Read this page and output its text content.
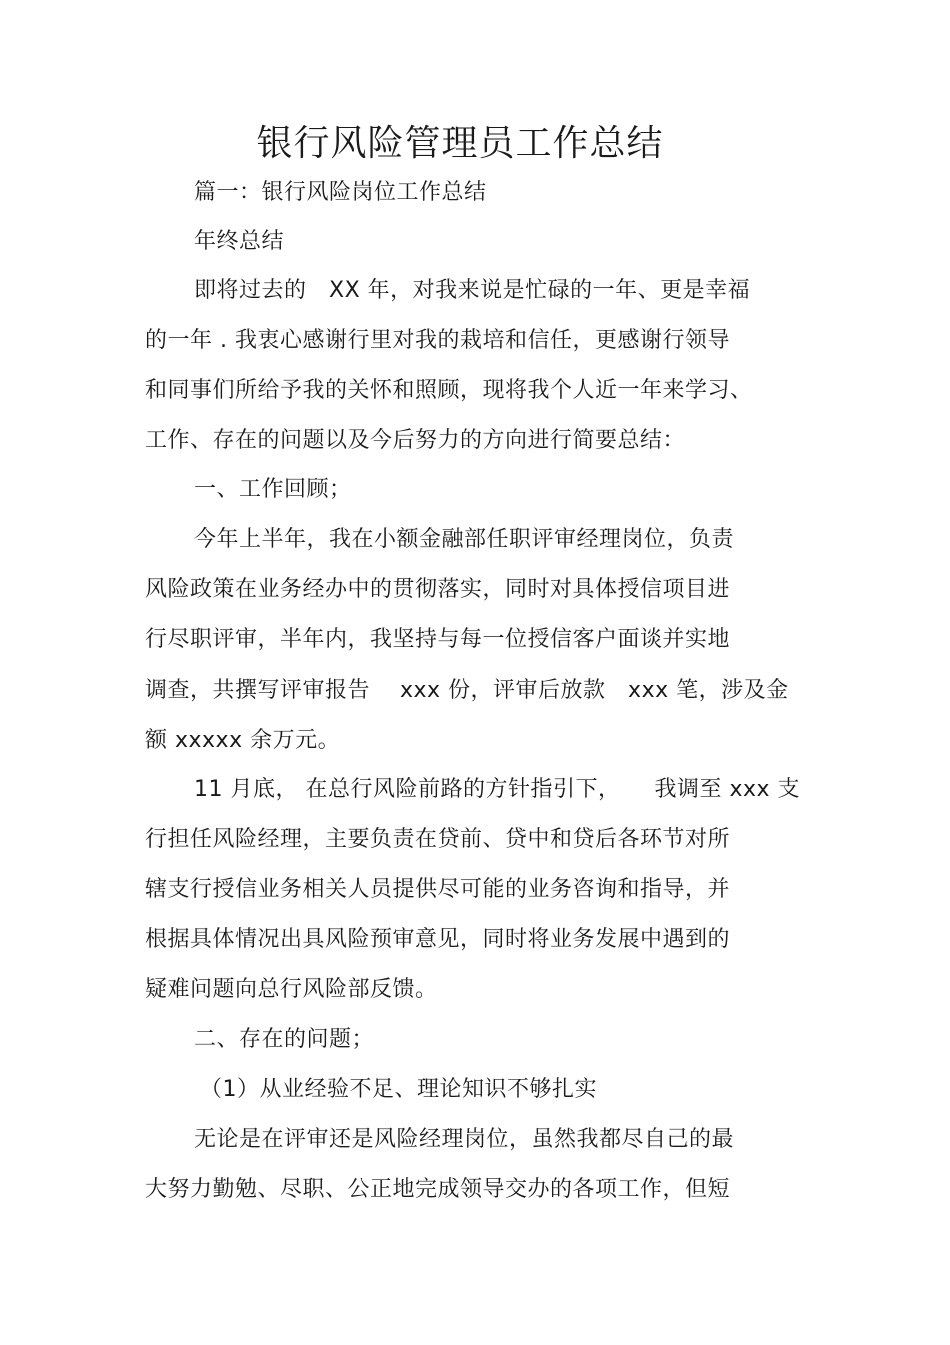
银行风险管理员工作总结
篇一：银行风险岗位工作总结
年终总结
即将过去的　XX 年，对我来说是忙碌的一年、更是幸福
的一年 . 我衷心感谢行里对我的栽培和信任，更感谢行领导
和同事们所给予我的关怀和照顾，现将我个人近一年来学习、
工作、存在的问题以及今后努力的方向进行简要总结：
一、工作回顾；
今年上半年，我在小额金融部任职评审经理岗位，负责
风险政策在业务经办中的贯彻落实，同时对具体授信项目进
行尽职评审，半年内，我坚持与每一位授信客户面谈并实地
调查，共撰写评审报告　 xxx 份，评审后放款　xxx 笔，涉及金
额 xxxxx 余万元。
11 月底， 在总行风险前路的方针指引下，　　我调至 xxx 支
行担任风险经理，主要负责在贷前、贷中和贷后各环节对所
辖支行授信业务相关人员提供尽可能的业务咨询和指导，并
根据具体情况出具风险预审意见，同时将业务发展中遇到的
疑难问题向总行风险部反馈。
二、存在的问题；
（1）从业经验不足、理论知识不够扎实
无论是在评审还是风险经理岗位，虽然我都尽自己的最
大努力勤勉、尽职、公正地完成领导交办的各项工作，但短
